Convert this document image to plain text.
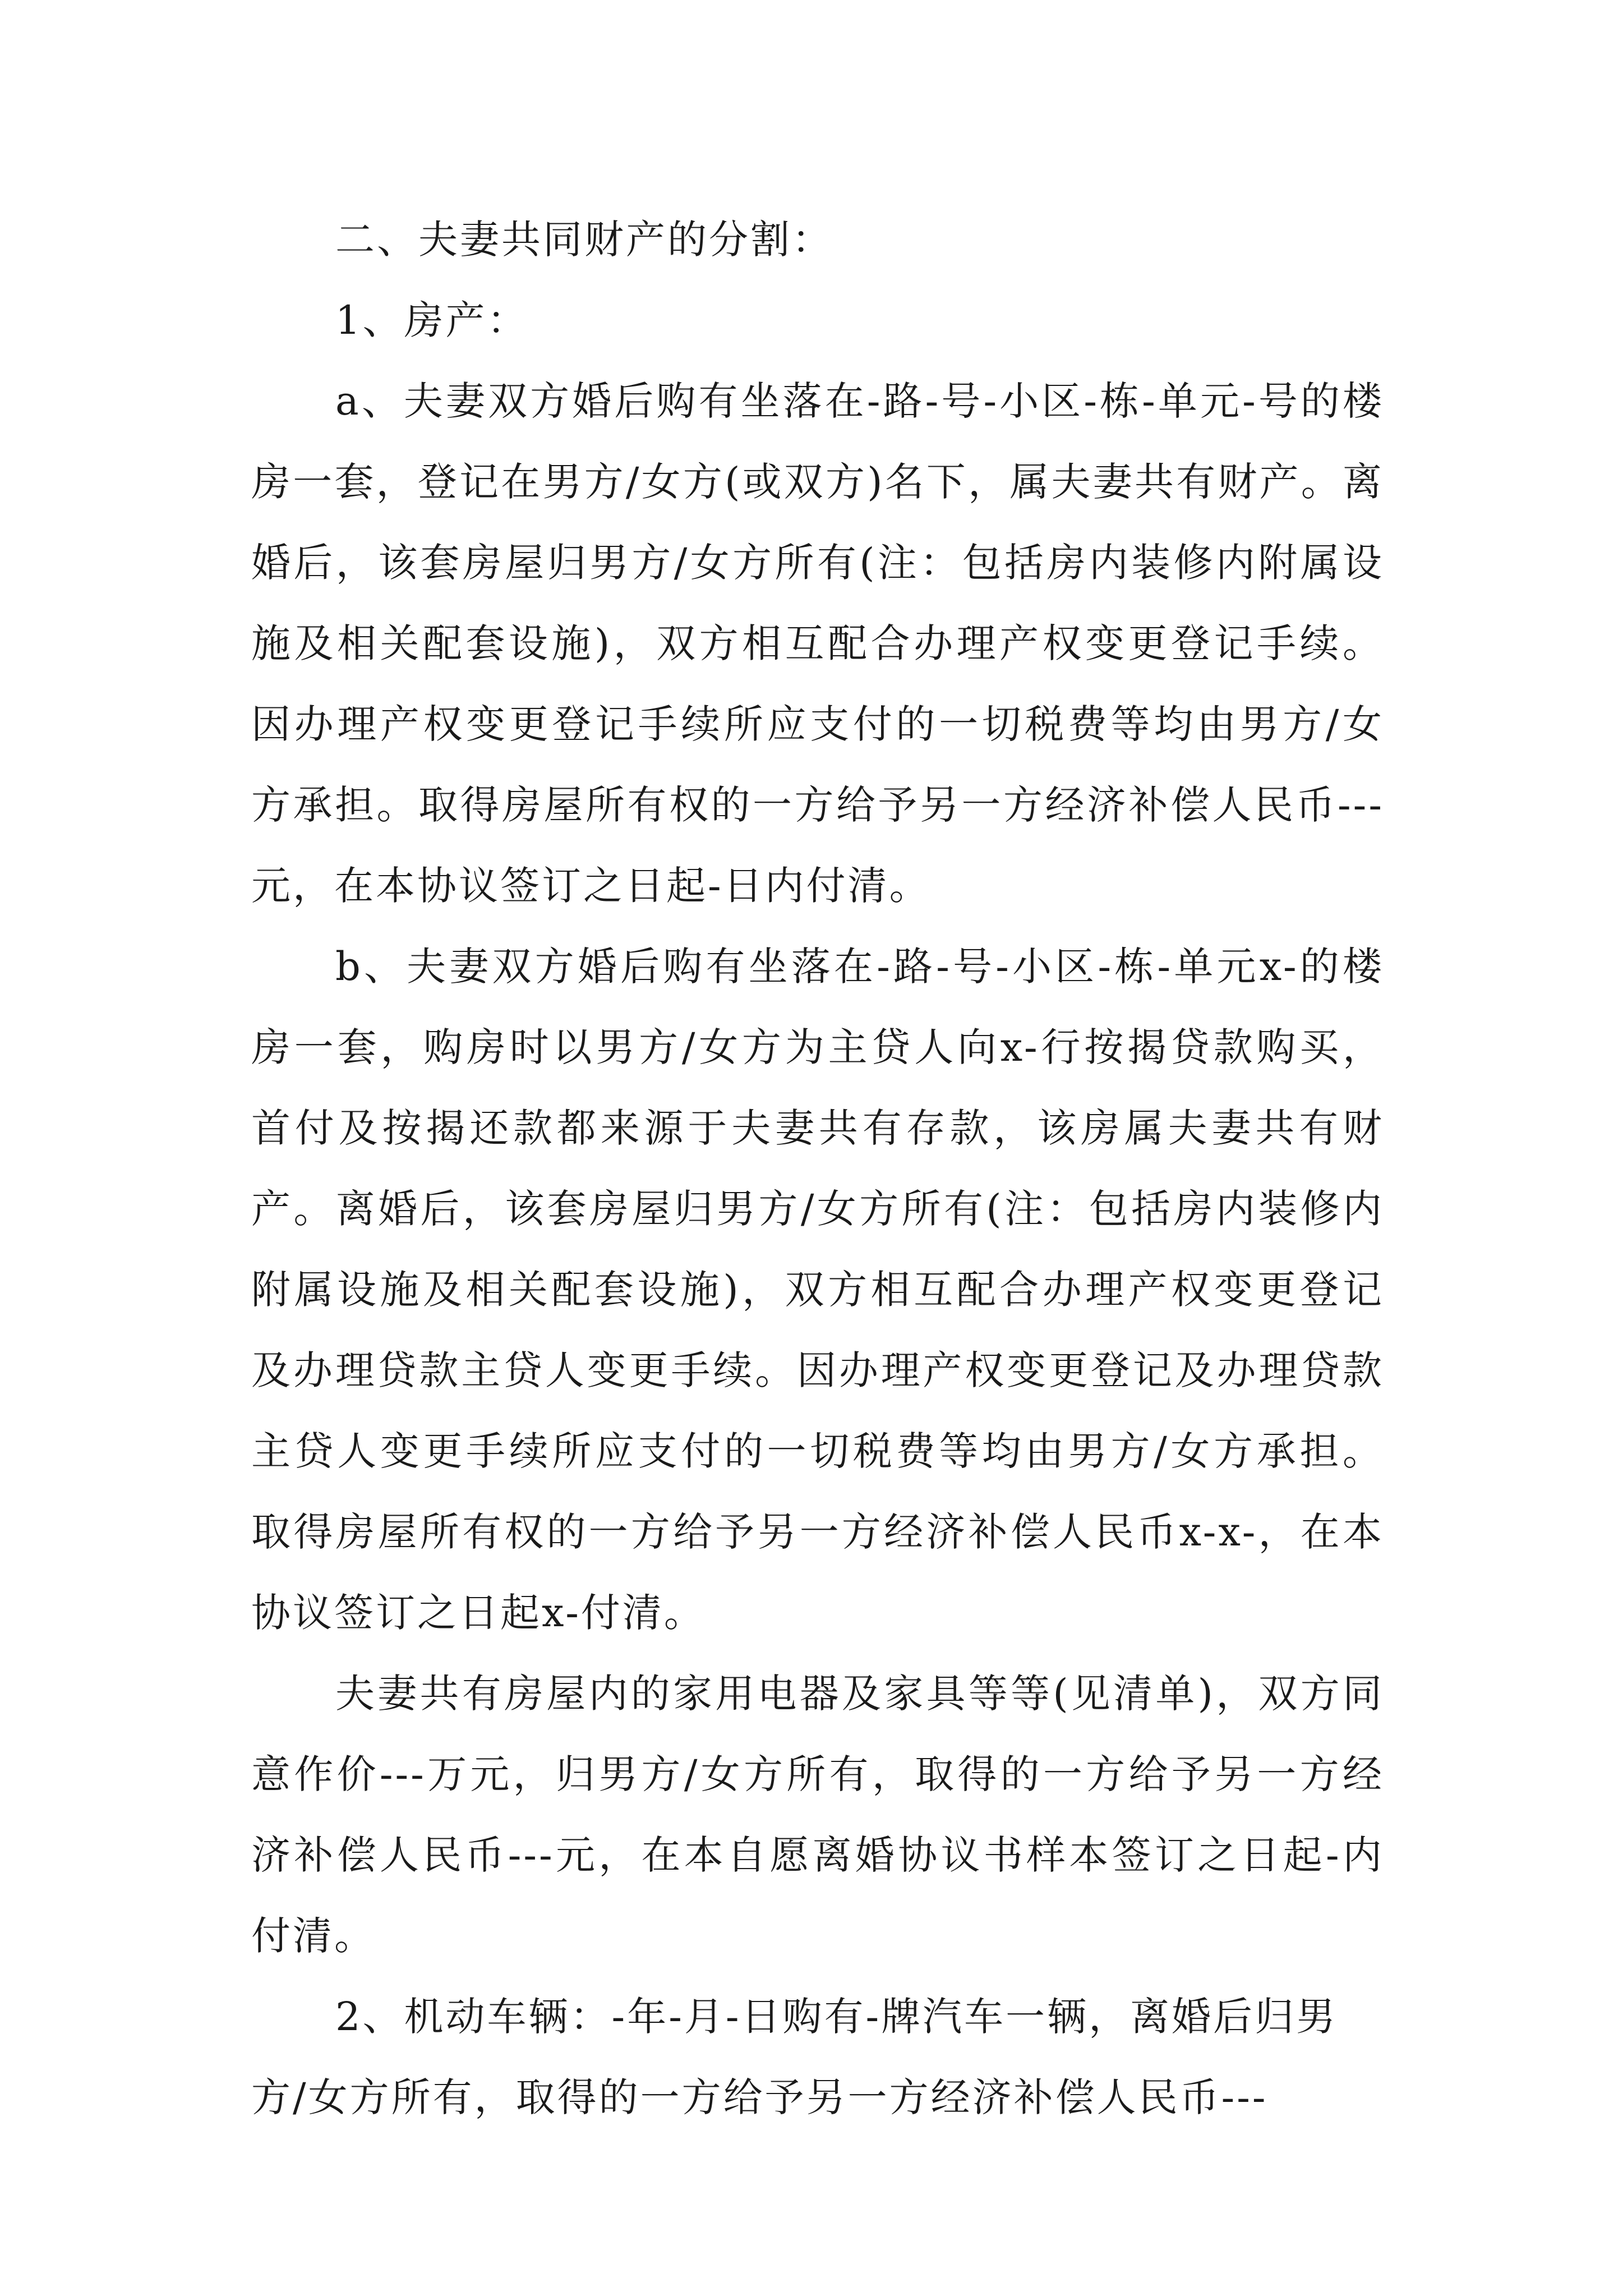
二、夫妻共同财产的分割：

1、房产：

a、夫妻双方婚后购有坐落在-路-号-小区-栋-单元-号的楼房一套，登记在男方/女方(或双方)名下，属夫妻共有财产。离婚后，该套房屋归男方/女方所有(注：包括房内装修内附属设施及相关配套设施)，双方相互配合办理产权变更登记手续。因办理产权变更登记手续所应支付的一切税费等均由男方/女方承担。取得房屋所有权的一方给予另一方经济补偿人民币---元，在本协议签订之日起-日内付清。

b、夫妻双方婚后购有坐落在-路-号-小区-栋-单元x-的楼房一套，购房时以男方/女方为主贷人向x-行按揭贷款购买，首付及按揭还款都来源于夫妻共有存款，该房属夫妻共有财产。离婚后，该套房屋归男方/女方所有(注：包括房内装修内附属设施及相关配套设施)，双方相互配合办理产权变更登记及办理贷款主贷人变更手续。因办理产权变更登记及办理贷款主贷人变更手续所应支付的一切税费等均由男方/女方承担。取得房屋所有权的一方给予另一方经济补偿人民币x-x-，在本协议签订之日起x-付清。

夫妻共有房屋内的家用电器及家具等等(见清单)，双方同意作价---万元，归男方/女方所有，取得的一方给予另一方经济补偿人民币---元，在本自愿离婚协议书样本签订之日起-内付清。

2、机动车辆：-年-月-日购有-牌汽车一辆，离婚后归男方/女方所有，取得的一方给予另一方经济补偿人民币---
